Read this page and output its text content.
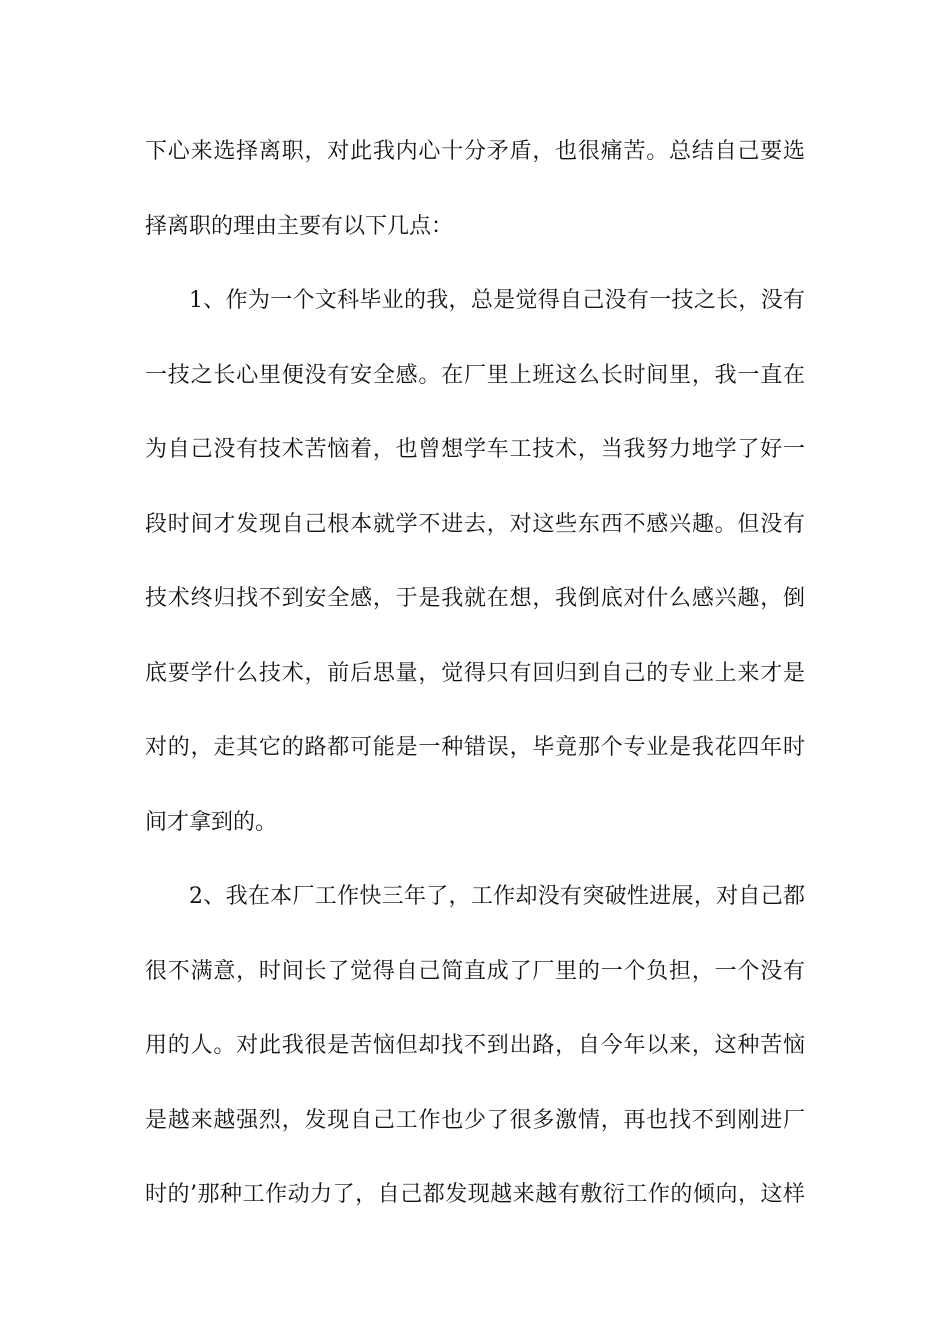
下心来选择离职，对此我内心十分矛盾，也很痛苦。总结自己要选
择离职的理由主要有以下几点：
1、作为一个文科毕业的我，总是觉得自己没有一技之长，没有
一技之长心里便没有安全感。在厂里上班这么长时间里，我一直在
为自己没有技术苦恼着，也曾想学车工技术，当我努力地学了好一
段时间才发现自己根本就学不进去，对这些东西不感兴趣。但没有
技术终归找不到安全感，于是我就在想，我倒底对什么感兴趣，倒
底要学什么技术，前后思量，觉得只有回归到自己的专业上来才是
对的，走其它的路都可能是一种错误，毕竟那个专业是我花四年时
间才拿到的。
2、我在本厂工作快三年了，工作却没有突破性进展，对自己都
很不满意，时间长了觉得自己简直成了厂里的一个负担，一个没有
用的人。对此我很是苦恼但却找不到出路，自今年以来，这种苦恼
是越来越强烈，发现自己工作也少了很多激情，再也找不到刚进厂
时的’那种工作动力了，自己都发现越来越有敷衍工作的倾向，这样
